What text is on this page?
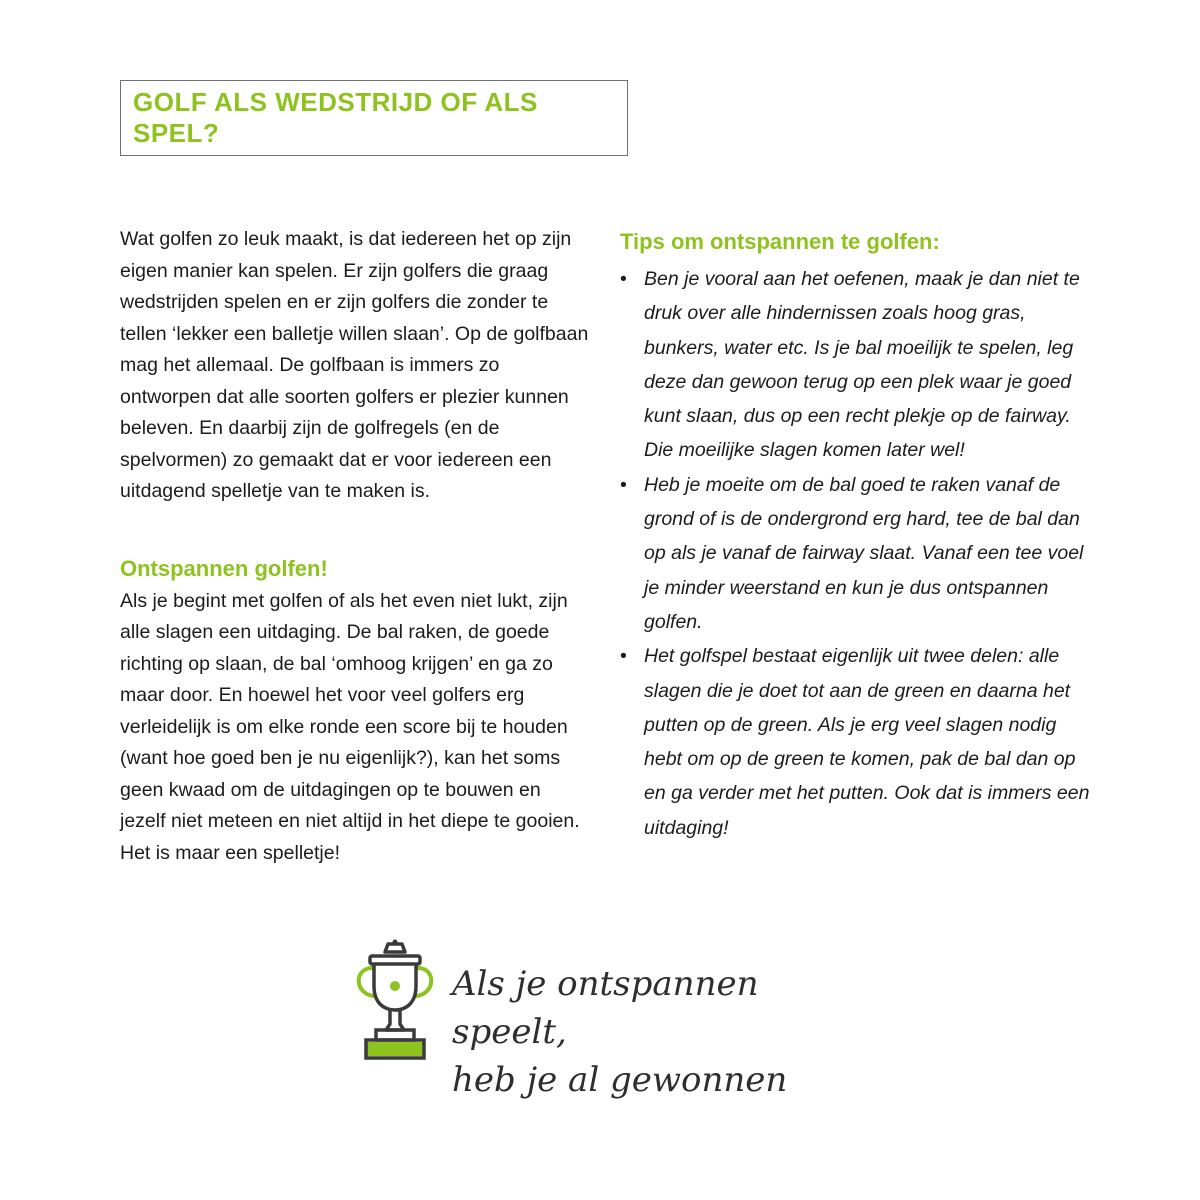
GOLF ALS WEDSTRIJD OF ALS SPEL?

Wat golfen zo leuk maakt, is dat iedereen het op zijn eigen manier kan spelen. Er zijn golfers die graag wedstrijden spelen en er zijn golfers die zonder te tellen ‘lekker een balletje willen slaan’. Op de golfbaan mag het allemaal. De golfbaan is immers zo ontworpen dat alle soorten golfers er plezier kunnen beleven. En daarbij zijn de golfregels (en de spelvormen) zo gemaakt dat er voor iedereen een uitdagend spelletje van te maken is.

Ontspannen golfen!

Als je begint met golfen of als het even niet lukt, zijn alle slagen een uitdaging. De bal raken, de goede richting op slaan, de bal ‘omhoog krijgen’ en ga zo maar door. En hoewel het voor veel golfers erg verleidelijk is om elke ronde een score bij te houden (want hoe goed ben je nu eigenlijk?), kan het soms geen kwaad om de uitdagingen op te bouwen en jezelf niet meteen en niet altijd in het diepe te gooien. Het is maar een spelletje!

Tips om ontspannen te golfen:
• Ben je vooral aan het oefenen, maak je dan niet te druk over alle hindernissen zoals hoog gras, bunkers, water etc. Is je bal moeilijk te spelen, leg deze dan gewoon terug op een plek waar je goed kunt slaan, dus op een recht plekje op de fairway. Die moeilijke slagen komen later wel!
• Heb je moeite om de bal goed te raken vanaf de grond of is de ondergrond erg hard, tee de bal dan op als je vanaf de fairway slaat. Vanaf een tee voel je minder weerstand en kun je dus ontspannen golfen.
• Het golfspel bestaat eigenlijk uit twee delen: alle slagen die je doet tot aan de green en daarna het putten op de green. Als je erg veel slagen nodig hebt om op de green te komen, pak de bal dan op en ga verder met het putten. Ook dat is immers een uitdaging!
Als je ontspannen speelt,
heb je al gewonnen
